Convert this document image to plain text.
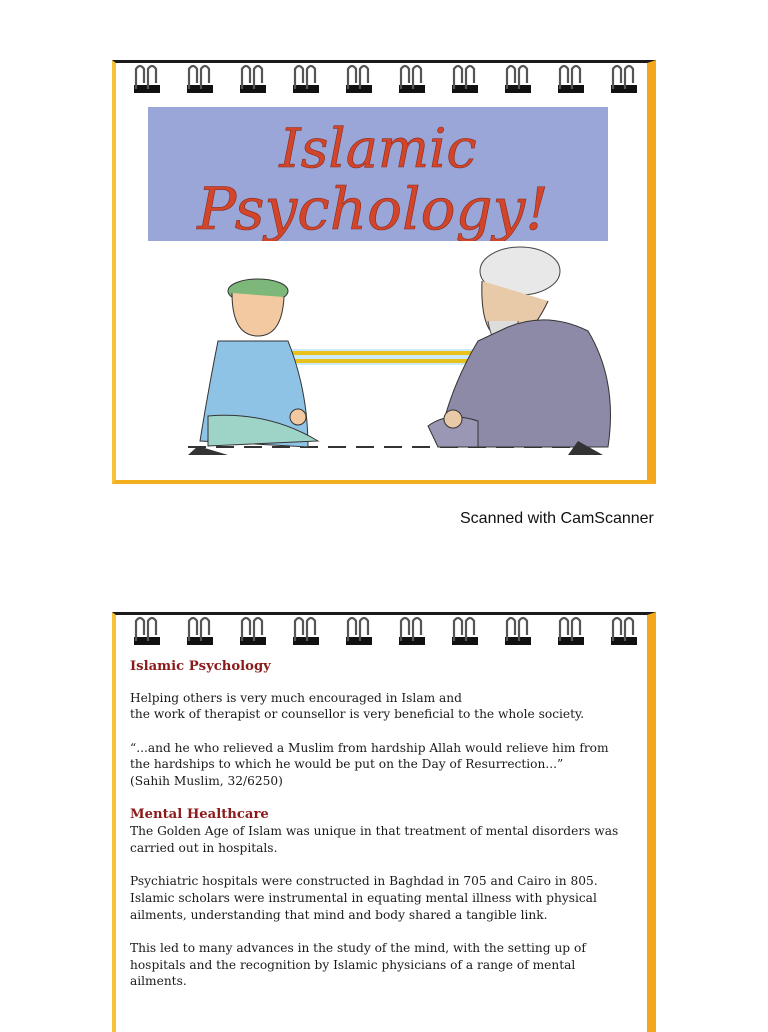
Islamic
Psychology!
Scanned with CamScanner
Islamic Psychology

Helping others is very much encouraged in Islam and
the work of therapist or counsellor is very beneficial to the whole society.

“...and he who relieved a Muslim from hardship Allah would relieve him from
the hardships to which he would be put on the Day of Resurrection...”
(Sahih Muslim, 32/6250)

Mental Healthcare

The Golden Age of Islam was unique in that treatment of mental disorders was
carried out in hospitals.

Psychiatric hospitals were constructed in Baghdad in 705 and Cairo in 805.
Islamic scholars were instrumental in equating mental illness with physical
ailments, understanding that mind and body shared a tangible link.

This led to many advances in the study of the mind, with the setting up of
hospitals and the recognition by Islamic physicians of a range of mental
ailments.
